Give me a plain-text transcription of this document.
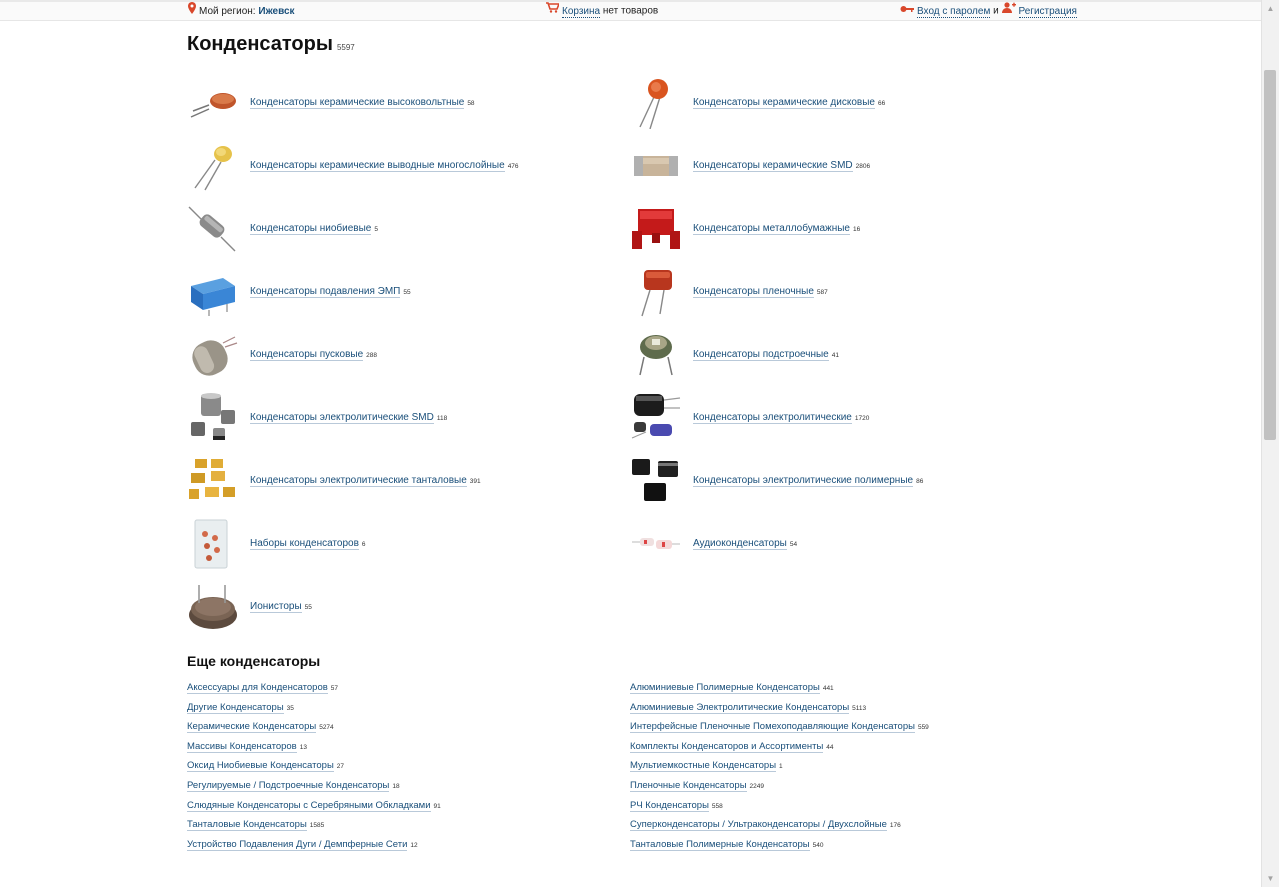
Мой регион: Ижевск	Корзина нет товаров	Вход с паролем и Регистрация	▲
▼
Конденсаторы 5597
Конденсаторы керамические высоковольтные 58	Конденсаторы керамические дисковые 66
Конденсаторы керамические выводные многослойные 476	Конденсаторы керамические SMD 2806
Конденсаторы ниобиевые 5	Конденсаторы металлобумажные 16
Конденсаторы подавления ЭМП 55	Конденсаторы пленочные 587
Конденсаторы пусковые 288	Конденсаторы подстроечные 41
Конденсаторы электролитические SMD 118	Конденсаторы электролитические 1720
Конденсаторы электролитические танталовые 391	Конденсаторы электролитические полимерные 86
Наборы конденсаторов 6	Аудиоконденсаторы 54
Ионисторы 55
Еще конденсаторы
Аксессуары для Конденсаторов 57
Другие Конденсаторы 35
Керамические Конденсаторы 5274
Массивы Конденсаторов 13
Оксид Ниобиевые Конденсаторы 27
Регулируемые / Подстроечные Конденсаторы 18
Слюдяные Конденсаторы с Серебряными Обкладками 91
Танталовые Конденсаторы 1585
Устройство Подавления Дуги / Демпферные Сети 12
Алюминиевые Полимерные Конденсаторы 441
Алюминиевые Электролитические Конденсаторы 5113
Интерфейсные Пленочные Помехоподавляющие Конденсаторы 559
Комплекты Конденсаторов и Ассортименты 44
Мультиемкостные Конденсаторы 1
Пленочные Конденсаторы 2249
РЧ Конденсаторы 558
Суперконденсаторы / Ультраконденсаторы / Двухслойные 176
Танталовые Полимерные Конденсаторы 540
